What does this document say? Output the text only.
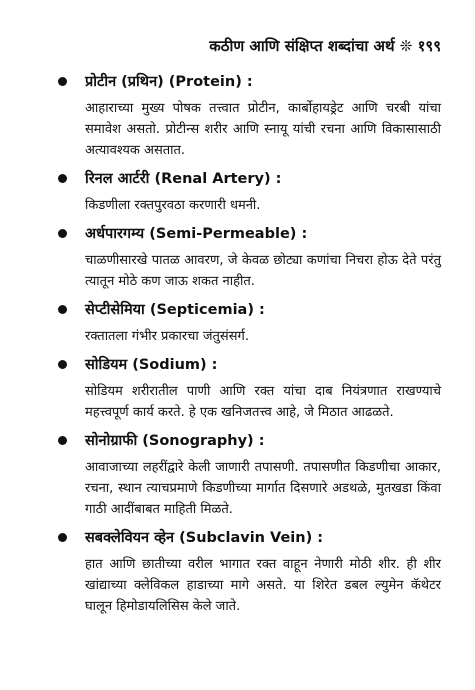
कठीण आणि संक्षिप्त शब्दांचा अर्थ ❊ १९९
प्रोटीन (प्रथिन) (Protein) :

आहाराच्या मुख्य पोषक तत्त्वात प्रोटीन, कार्बोहायड्रेट आणि चरबी यांचा समावेश असतो. प्रोटीन्स शरीर आणि स्नायू यांची रचना आणि विकासासाठी अत्यावश्यक असतात.

रिनल आर्टरी (Renal Artery) :

किडणीला रक्तपुरवठा करणारी धमनी.

अर्धपारगम्य (Semi-Permeable) :

चाळणीसारखे पातळ आवरण, जे केवळ छोट्या कणांचा निचरा होऊ देते परंतु त्यातून मोठे कण जाऊ शकत नाहीत.

सेप्टीसेमिया (Septicemia) :

रक्तातला गंभीर प्रकारचा जंतुसंसर्ग.

सोडियम (Sodium) :

सोडियम शरीरातील पाणी आणि रक्त यांचा दाब नियंत्रणात राखण्याचे महत्त्वपूर्ण कार्य करते. हे एक खनिजतत्त्व आहे, जे मिठात आढळते.

सोनोग्राफी (Sonography) :

आवाजाच्या लहरींद्वारे केली जाणारी तपासणी. तपासणीत किडणीचा आकार, रचना, स्थान त्याचप्रमाणे किडणीच्या मार्गात दिसणारे अडथळे, मुतखडा किंवा गाठी आदींबाबत माहिती मिळते.

सबक्लेवियन व्हेन (Subclavin Vein) :

हात आणि छातीच्या वरील भागात रक्त वाहून नेणारी मोठी शीर. ही शीर खांद्याच्या क्लेविकल हाडाच्या मागे असते. या शिरेत डबल ल्युमेन कॅथेटर घालून हिमोडायलिसिस केले जाते.
